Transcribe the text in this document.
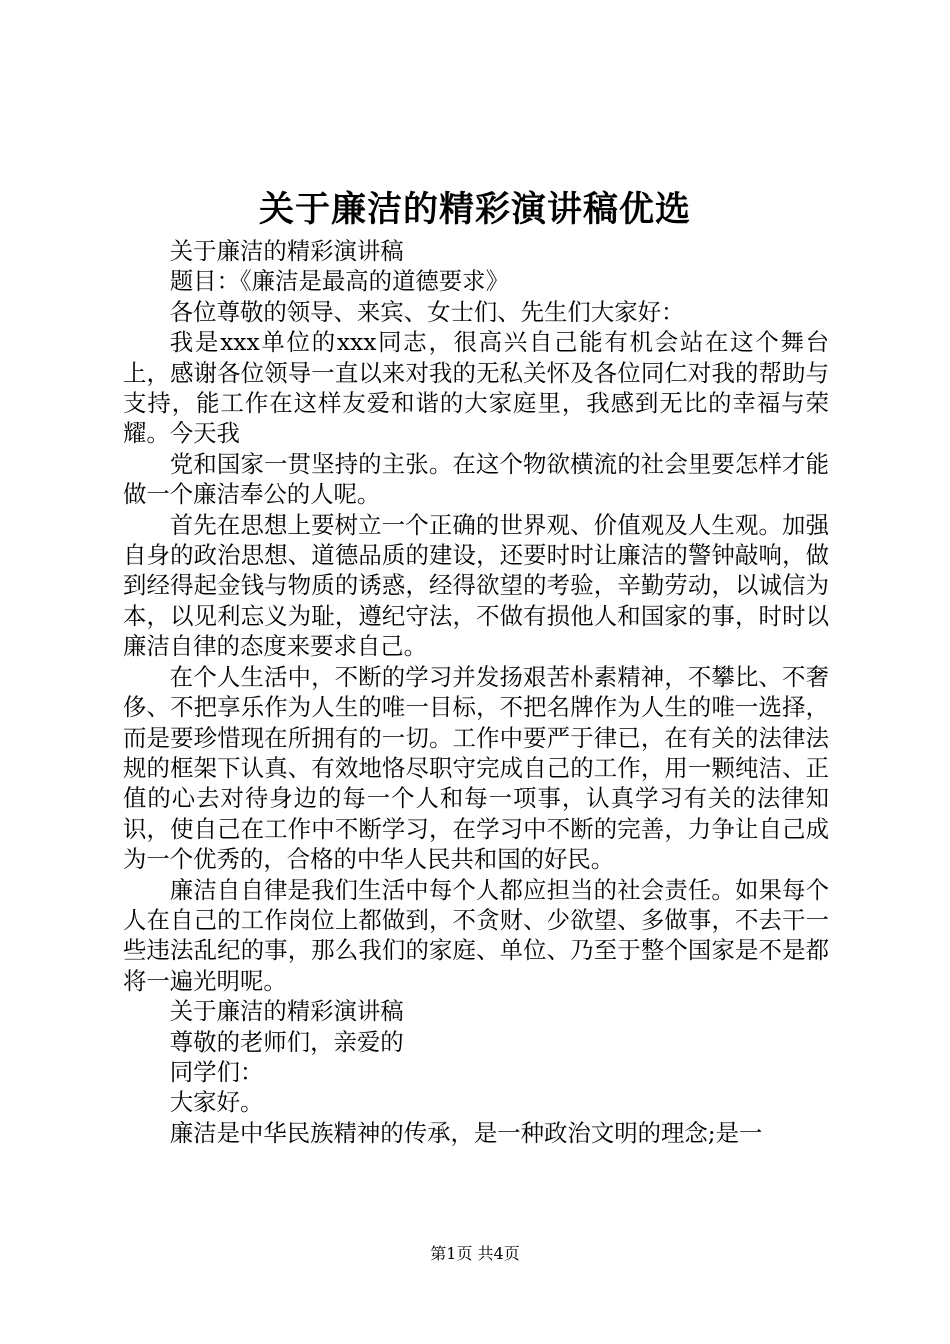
关于廉洁的精彩演讲稿优选

关于廉洁的精彩演讲稿

题目：《廉洁是最高的道德要求》

各位尊敬的领导、来宾、女士们、先生们大家好：

我是xxx单位的xxx同志，很高兴自己能有机会站在这个舞台上，感谢各位领导一直以来对我的无私关怀及各位同仁对我的帮助与支持，能工作在这样友爱和谐的大家庭里，我感到无比的幸福与荣耀。今天我

党和国家一贯坚持的主张。在这个物欲横流的社会里要怎样才能做一个廉洁奉公的人呢。

首先在思想上要树立一个正确的世界观、价值观及人生观。加强自身的政治思想、道德品质的建设，还要时时让廉洁的警钟敲响，做到经得起金钱与物质的诱惑，经得欲望的考验，辛勤劳动，以诚信为本，以见利忘义为耻，遵纪守法，不做有损他人和国家的事，时时以廉洁自律的态度来要求自己。

在个人生活中，不断的学习并发扬艰苦朴素精神，不攀比、不奢侈、不把享乐作为人生的唯一目标，不把名牌作为人生的唯一选择，而是要珍惜现在所拥有的一切。工作中要严于律已，在有关的法律法规的框架下认真、有效地恪尽职守完成自己的工作，用一颗纯洁、正值的心去对待身边的每一个人和每一项事，认真学习有关的法律知识，使自己在工作中不断学习，在学习中不断的完善，力争让自己成为一个优秀的，合格的中华人民共和国的好民。

廉洁自自律是我们生活中每个人都应担当的社会责任。如果每个人在自己的工作岗位上都做到，不贪财、少欲望、多做事，不去干一些违法乱纪的事，那么我们的家庭、单位、乃至于整个国家是不是都将一遍光明呢。

关于廉洁的精彩演讲稿

尊敬的老师们，亲爱的

同学们：

大家好。

廉洁是中华民族精神的传承，是一种政治文明的理念;是一

第1页 共4页
